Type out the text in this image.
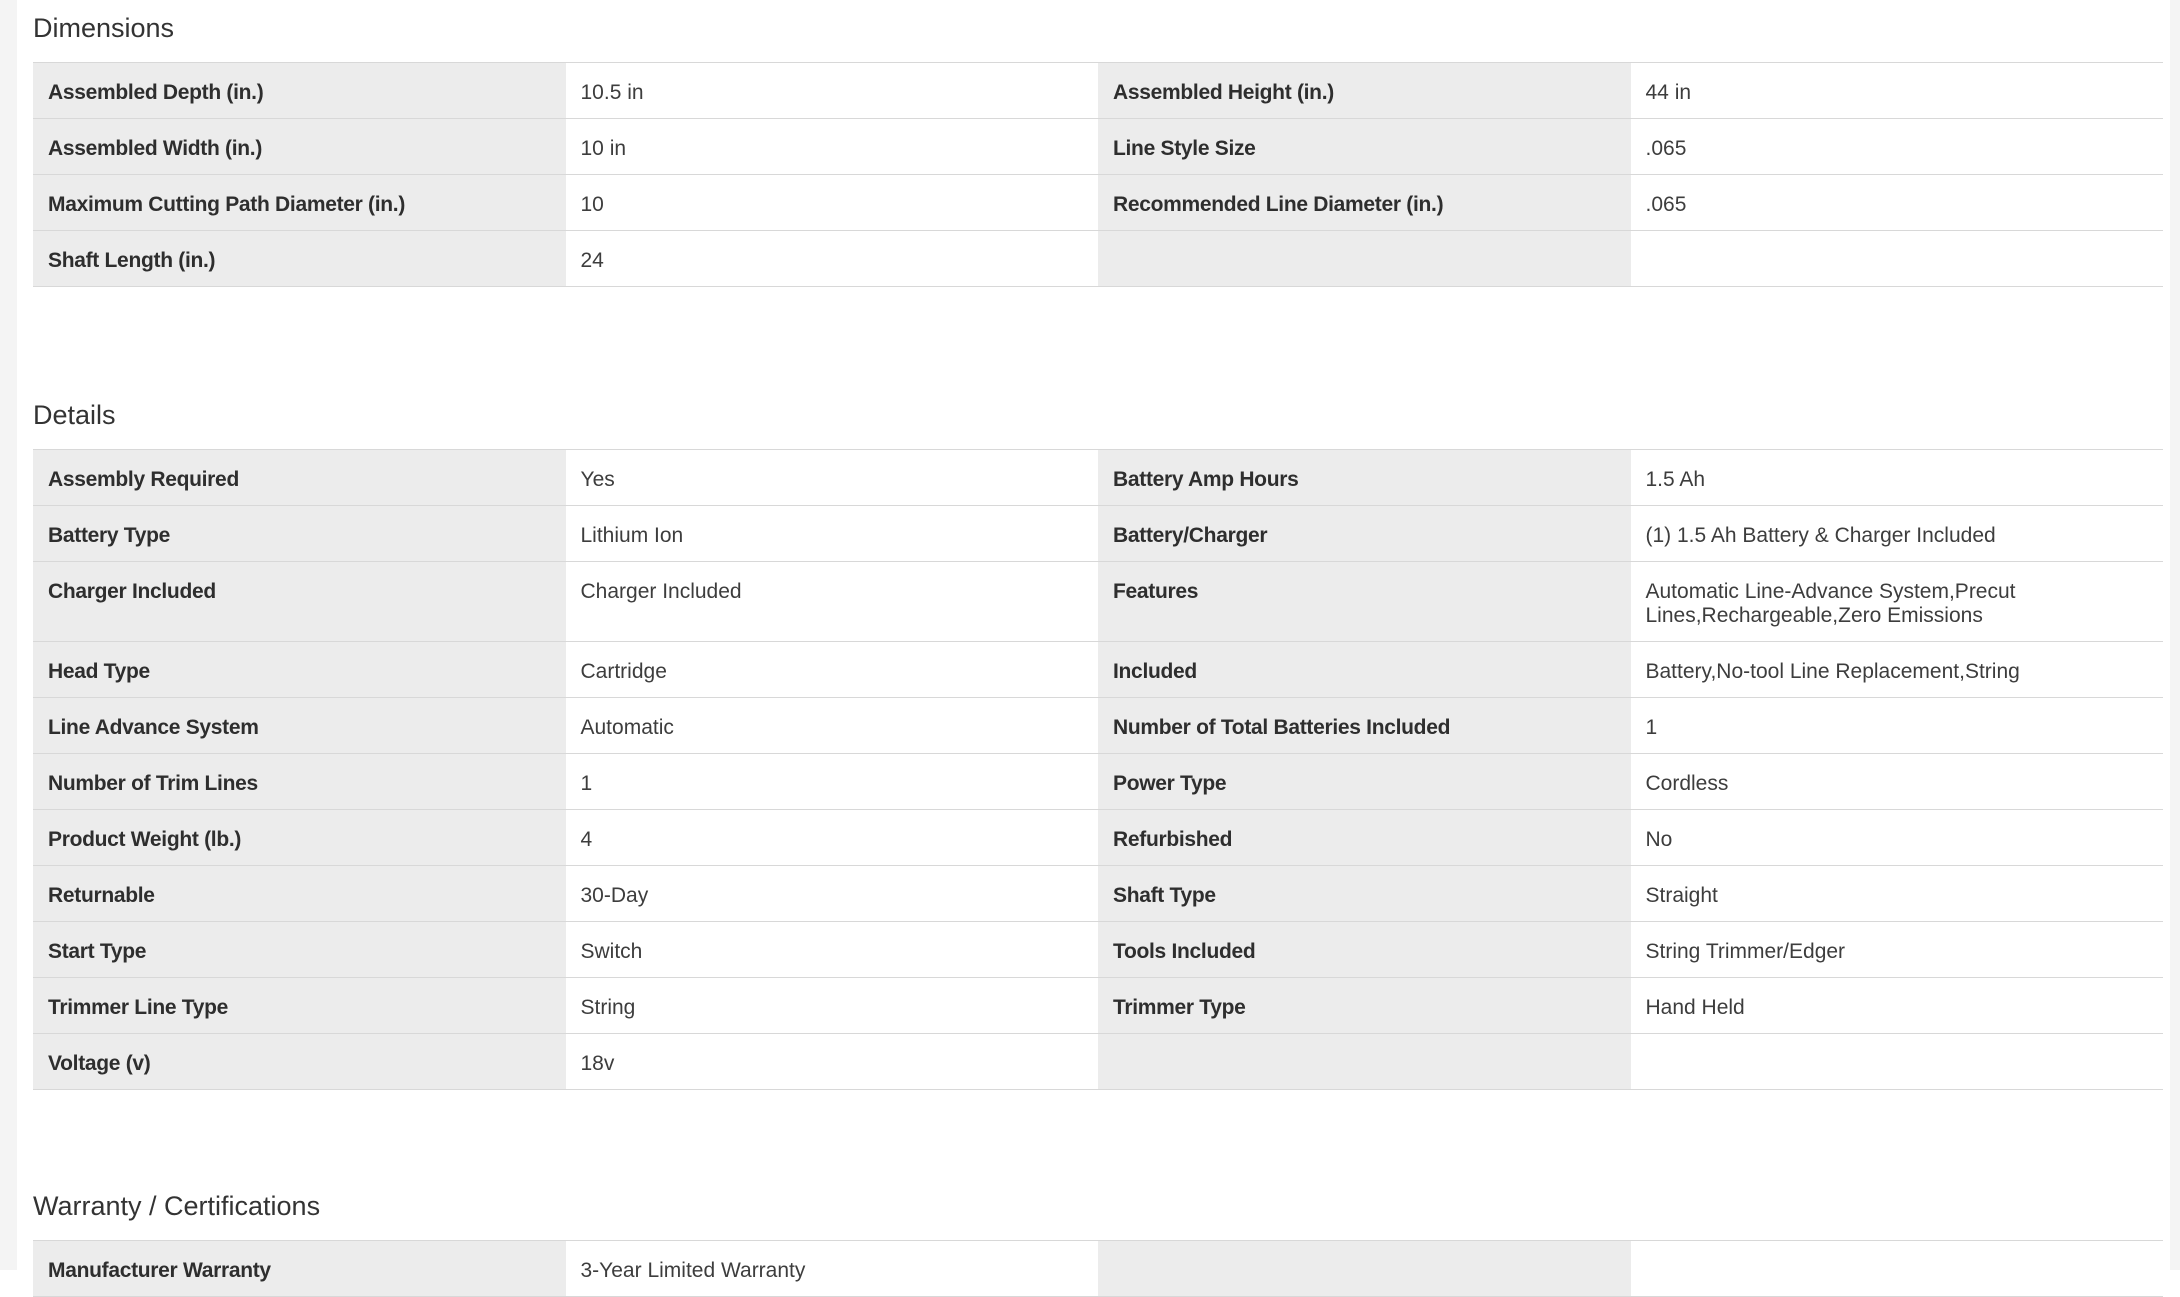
Dimensions
Assembled Depth (in.)	10.5 in	Assembled Height (in.)	44 in
Assembled Width (in.)	10 in	Line Style Size	.065
Maximum Cutting Path Diameter (in.)	10	Recommended Line Diameter (in.)	.065
Shaft Length (in.)	24		
Details
Assembly Required	Yes	Battery Amp Hours	1.5 Ah
Battery Type	Lithium Ion	Battery/Charger	(1) 1.5 Ah Battery & Charger Included
Charger Included	Charger Included	Features	Automatic Line-Advance System,Precut Lines,Rechargeable,Zero Emissions

Head Type	Cartridge	Included	Battery,No-tool Line Replacement,String
Line Advance System	Automatic	Number of Total Batteries Included	1
Number of Trim Lines	1	Power Type	Cordless
Product Weight (lb.)	4	Refurbished	No
Returnable	30-Day	Shaft Type	Straight
Start Type	Switch	Tools Included	String Trimmer/Edger
Trimmer Line Type	String	Trimmer Type	Hand Held
Voltage (v)	18v		
Warranty / Certifications
Manufacturer Warranty	3-Year Limited Warranty		
